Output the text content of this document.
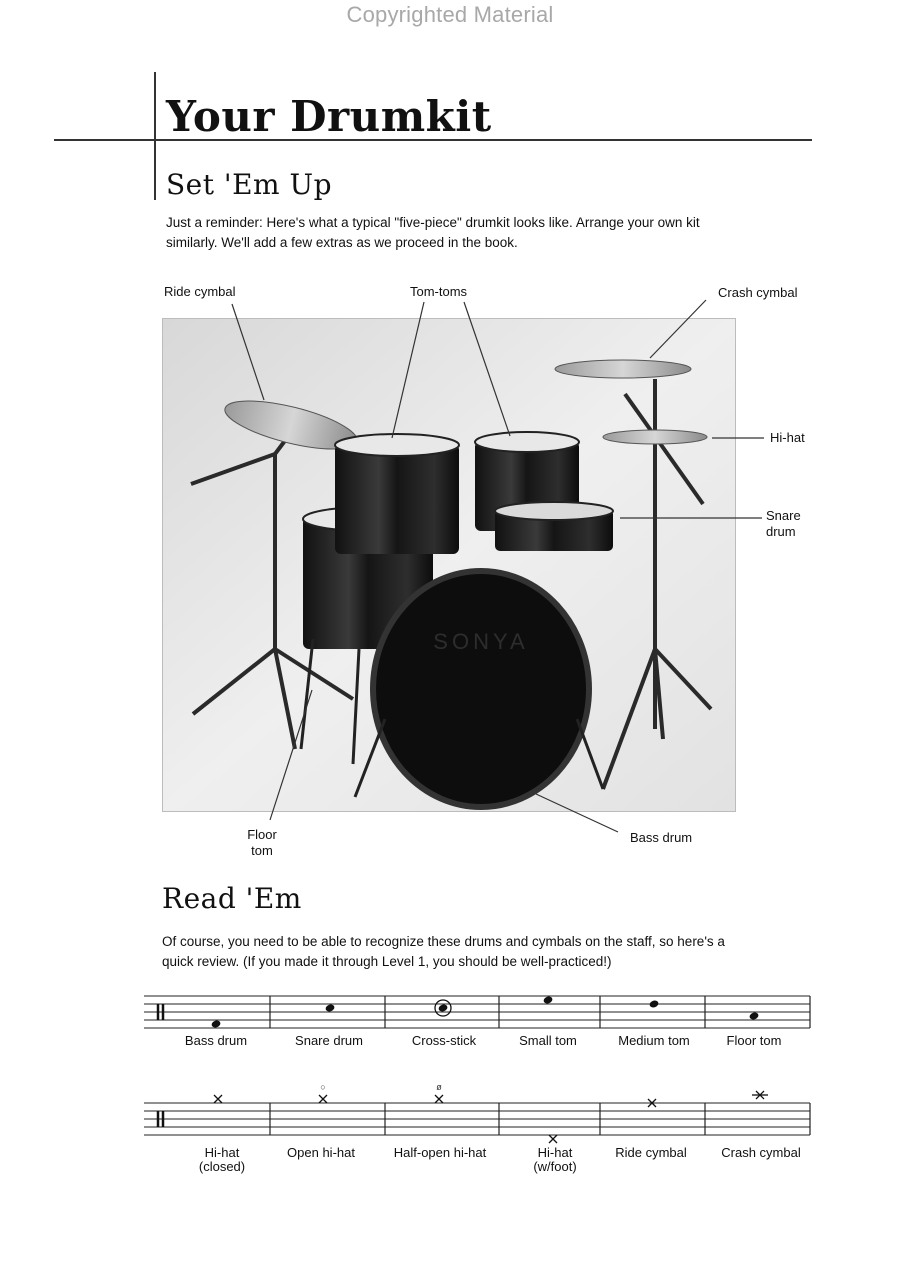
Copyrighted Material
Your Drumkit
Set 'Em Up
Just a reminder: Here's what a typical "five-piece" drumkit looks like. Arrange your own kit
similarly. We'll add a few extras as we proceed in the book.
Ride cymbal	Tom-toms	Crash cymbal
Hi-hat
Snare
drum
Floor
tom
Bass drum
SONYA
Read 'Em
Of course, you need to be able to recognize these drums and cymbals on the staff, so here's a
quick review. (If you made it through Level 1, you should be well-practiced!)
Bass drum	Snare drum	Cross-stick	Small tom	Medium tom	Floor tom
○	ø
Hi-hat
(closed)
Open hi-hat	Half-open hi-hat	Hi-hat
(w/foot)
Ride cymbal	Crash cymbal
